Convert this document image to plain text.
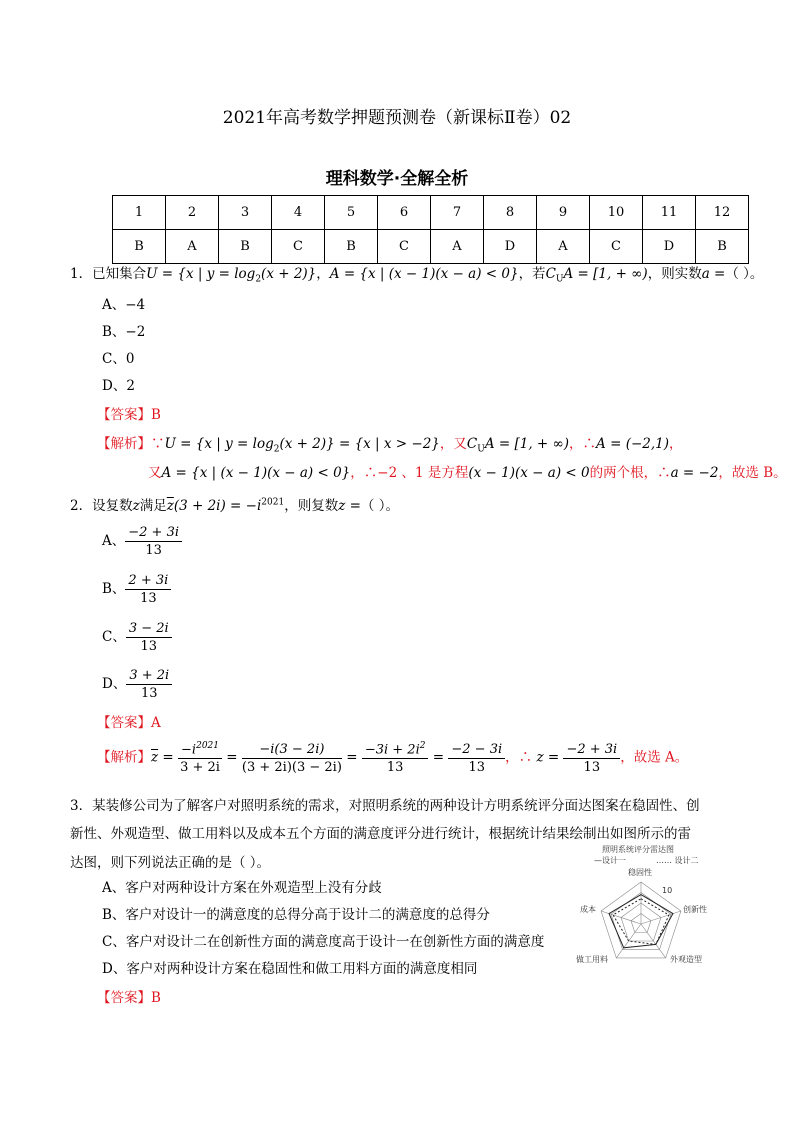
2021年高考数学押题预测卷（新课标Ⅱ卷）02
理科数学·全解全析
1	2	3	4	5	6	7	8	9	10	11	12
B	A	B	C	B	C	A	D	A	C	D	B
1．已知集合U = {x | $y = \log_2(x + 2)$}，A = {x | (x − 1)(x − a) < 0}，若$C_UA = [1$, + ∞)，则实数a =（ ）。
A、−4
B、−2
C、0
D、2
【答案】B
【解析】∵U = {x | $y = \log_2(x + 2)\} = \{x$ | x > −2}，又$C_UA = [1$, + ∞)，∴A = (−2,1)，
又A = {x | (x − 1)(x − a) < 0}，∴−2 、1 是方程(x − 1)(x − a) < 0的两个根，∴a = −2，故选 B。
2．设复数z满足$\overline{z}(3 + 2i) = -i^{2021}$，则复数z =（ ）。
A、 $\frac{-2 + 3i}{13}$
B、 $\frac{2 + 3i}{13}$
C、 $\frac{3 - 2i}{13}$
D、 $\frac{3 + 2i}{13}$
【答案】A
【解析】$\overline{z} = \frac{-i^{2021}}{3 + 2i} = \frac{-i(3 - 2i)}{(3 + 2i)(3 - 2i)} = \frac{-3i + 2i^2}{13} = \frac{-2 - 3i}{13}$ ，∴ $z = \frac{-2 + 3i}{13}$ ，故选 A。
3．某装修公司为了解客户对照明系统的需求，对照明系统的两种设计方明系统评分面达图案在稳固性、创
新性、外观造型、做工用料以及成本五个方面的满意度评分进行统计，根据统计结果绘制出如图所示的雷
达图，则下列说法正确的是（ ）。
A、客户对两种设计方案在外观造型上没有分歧
B、客户对设计一的满意度的总得分高于设计二的满意度的总得分
C、客户对设计二在创新性方面的满意度高于设计一在创新性方面的满意度
D、客户对两种设计方案在稳固性和做工用料方面的满意度相同
【答案】B
照明系统评分雷达图
—设计一	…… 设计二
稳固性
创新性
外观造型
做工用料
成本
10
